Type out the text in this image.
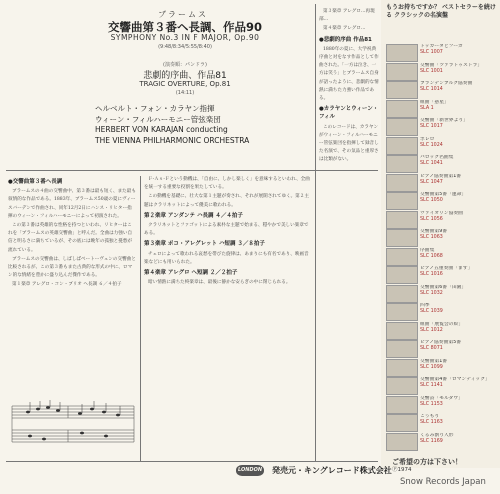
ブラームス
交響曲第３番ヘ長調、作品90
SYMPHONY No.3 IN F MAJOR, Op.90
(9:48/8:34/5:55/8:40)
(演奏順：パンドラ)
悲劇的序曲、作品81
TRAGIC OVERTURE, Op.81
(14:11)
ヘルベルト・フォン・カラヤン指揮
ウィーン・フィルハーモニー管弦楽団
HERBERT VON KARAJAN conducting
THE VIENNA PHILHARMONIC ORCHESTRA
●交響曲第３番ヘ長調

ブラームスの４曲の交響曲中、第３番は最も短く、また最も叙情的な作品である。1883年、ブラームス50歳の夏にヴィースバーデンで作曲され、同年12月2日にハンス・リヒター指揮のウィーン・フィルハーモニーによって初演された。

この第３番は英雄的な性格を持つといわれ、リヒターはこれを「ブラームスの英雄交響曲」と呼んだ。全曲は力強い自信と明るさに満ちているが、その底には晩年の孤独と憂愁が流れている。

ブラームスの交響曲は、しばしばベートーヴェンの交響曲と比較されるが、この第３番もまた古典的な形式の中に、ロマン的な情緒を豊かに盛り込んだ傑作である。

第１楽章 アレグロ・コン・ブリオ ヘ長調 ６／４拍子

Ｆ‐Ａｓ‐Ｆという動機は、「自由に、しかし楽しく」を意味するといわれ、全曲を統一する重要な役割を果たしている。

この動機を基礎に、壮大な第１主題が奏され、それが展開されてゆく。第２主題はクラリネットによって優美に歌われる。

第２楽章 アンダンテ ハ長調 ４／４拍子

クラリネットとファゴットによる素朴な主題で始まる、穏やかで美しい楽章である。

第３楽章 ポコ・アレグレット ハ短調 ３／８拍子

チェロによって歌われる哀愁を帯びた旋律は、あまりにも有名であり、映画音楽などにも用いられた。

第４楽章 アレグロ ヘ短調 ２／２拍子

暗い情熱に満ちた終楽章は、最後に静かな安らぎの中に閉じられる。

第３楽章 アレグロ…再現部…

第４楽章 アレグロ…

●悲劇的序曲 作品81

1880年の夏に、大学祝典序曲と対をなす作品として作曲された。「一方は泣き、一方は笑う」とブラームス自身が語ったように、悲劇的な情熱に満ちた力強い作品である。

●カラヤンとウィーン・フィル

このレコードは、カラヤンがウィーン・フィルハーモニー管弦楽団を指揮して録音した名演で、その気品と重厚さは比類がない。

もうお持ちですか？ ベストセラーを続ける クラシックの名演盤
トッカータとフーガ
SLC 1007
交響曲「ツァラトゥストラ」
SLC 1001
ブランデンブルク協奏曲
SLC 1014
組曲「惑星」
SLA 1
交響曲「新世界より」
SLC 1017
ボレロ
SLC 1024
バロック名曲集
SLC 1041
ピアノ協奏曲第1番
SLC 1047
交響曲第5番「運命」
SLC 1050
ヴァイオリン協奏曲
SLC 1056
交響曲第9番
SLC 1063
序曲集
SLC 1068
ピアノ五重奏曲「ます」
SLC 1016
交響曲第6番「田園」
SLC 1032
四季
SLC 1039
組曲「展覧会の絵」
SLC 1012
ピアノ協奏曲第5番
SLC 8071
交響曲第1番
SLC 1099
交響曲第4番「ロマンティック」
SLC 1141
交響詩「モルダウ」
SLC 1153
こうもり
SLC 1163
くるみ割り人形
SLC 1169
ご希望の方は下さい！
LONDON 発売元・キングレコード株式会社 Ⓟ1974
Snow Records Japan
